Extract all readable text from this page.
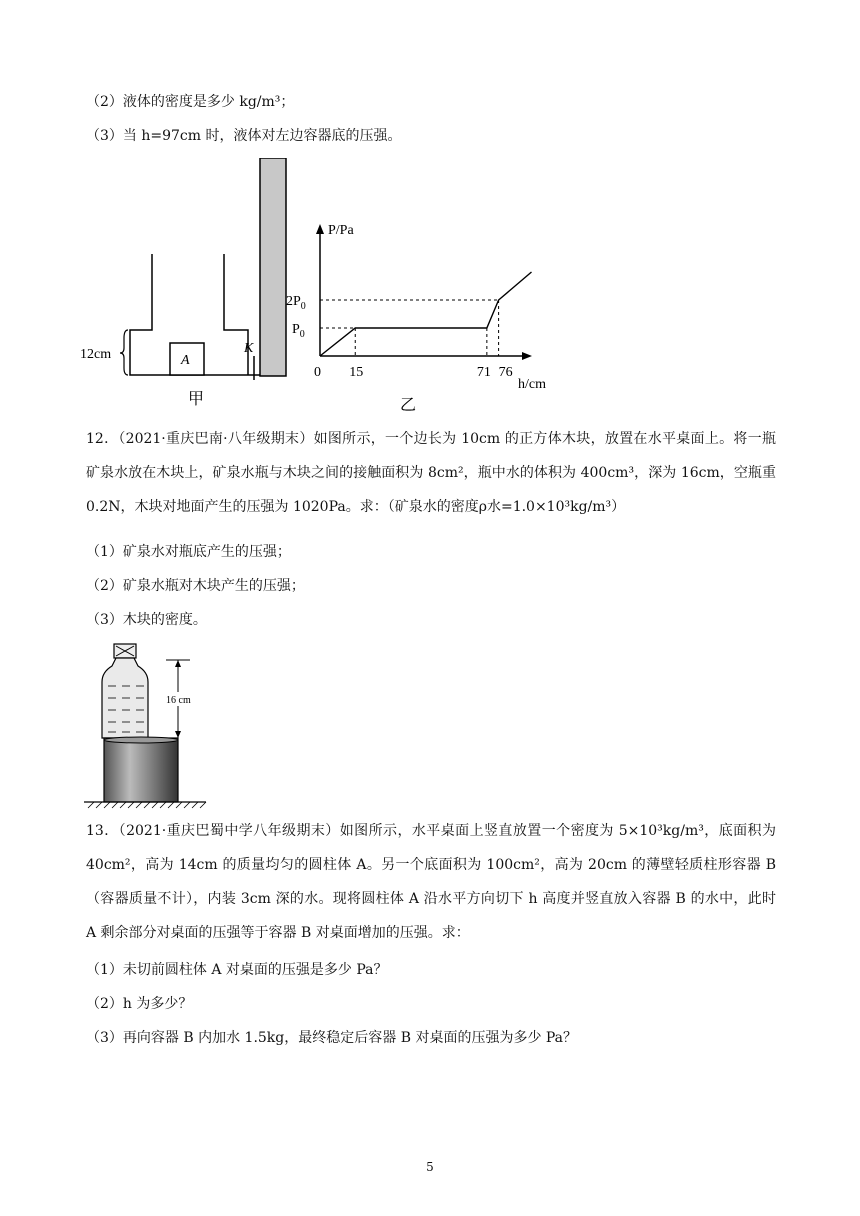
（2）液体的密度是多少 kg/m³；
（3）当 h=97cm 时，液体对左边容器底的压强。
A
K
12cm
甲
P/Pa
h/cm
0 15	71 76
$P_0$
$2P_0$
乙
12．（2021·重庆巴南·八年级期末）如图所示，一个边长为 10cm 的正方体木块，放置在水平桌面上。将一瓶矿泉水放在木块上，矿泉水瓶与木块之间的接触面积为 8cm²，瓶中水的体积为 400cm³，深为 16cm，空瓶重 0.2N，木块对地面产生的压强为 1020Pa。求：（矿泉水的密度ρ水=1.0×10³kg/m³）
（1）矿泉水对瓶底产生的压强；
（2）矿泉水瓶对木块产生的压强；
（3）木块的密度。
16 cm
13．（2021·重庆巴蜀中学八年级期末）如图所示，水平桌面上竖直放置一个密度为 5×10³kg/m³，底面积为 40cm²，高为 14cm 的质量均匀的圆柱体 A。另一个底面积为 100cm²，高为 20cm 的薄壁轻质柱形容器 B（容器质量不计），内装 3cm 深的水。现将圆柱体 A 沿水平方向切下 h 高度并竖直放入容器 B 的水中，此时 A 剩余部分对桌面的压强等于容器 B 对桌面增加的压强。求：
（1）未切前圆柱体 A 对桌面的压强是多少 Pa？
（2）h 为多少？
（3）再向容器 B 内加水 1.5kg，最终稳定后容器 B 对桌面的压强为多少 Pa？
5
